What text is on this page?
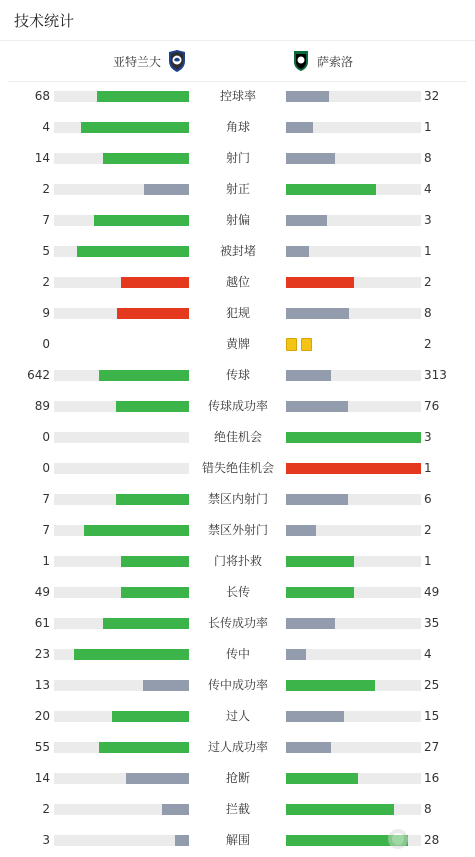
技术统计
亚特兰大	萨索洛
68	32
控球率
4	1
角球
14	8
射门
2	4
射正
7	3
射偏
5	1
被封堵
2	2
越位
9	8
犯规
0	2
黄牌
642	313
传球
89	76
传球成功率
0	3
绝佳机会
0	1
错失绝佳机会
7	6
禁区内射门
7	2
禁区外射门
1	1
门将扑救
49	49
长传
61	35
长传成功率
23	4
传中
13	25
传中成功率
20	15
过人
55	27
过人成功率
14	16
抢断
2	8
拦截
3	28
解围
